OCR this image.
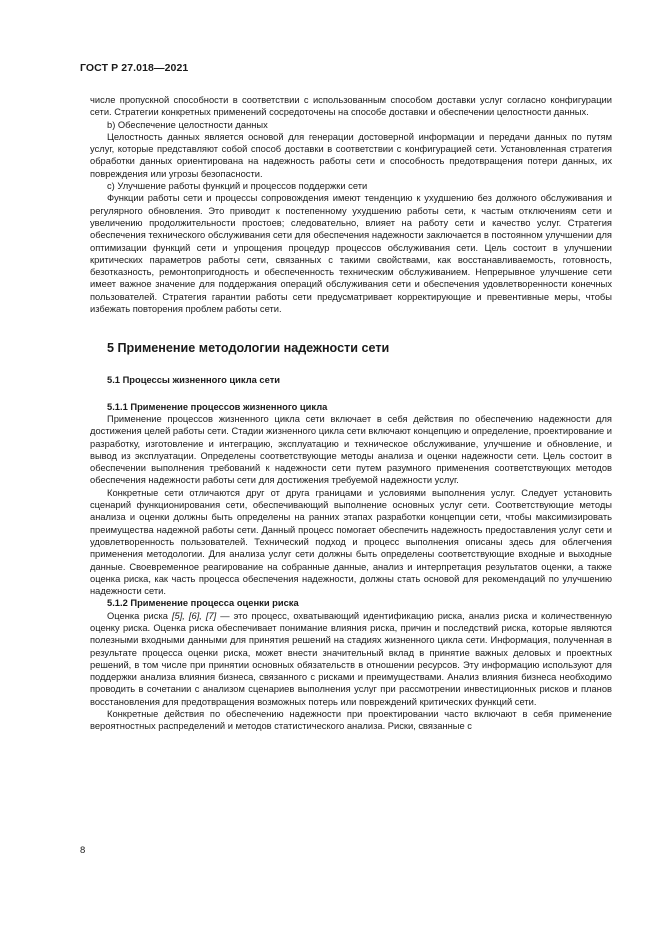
ГОСТ Р 27.018—2021

числе пропускной способности в соответствии с использованным способом доставки услуг согласно конфигурации сети. Стратегии конкретных применений сосредоточены на способе доставки и обеспечении целостности данных.

b) Обеспечение целостности данных

Целостность данных является основой для генерации достоверной информации и передачи данных по путям услуг, которые представляют собой способ доставки в соответствии с конфигурацией сети. Установленная стратегия обработки данных ориентирована на надежность работы сети и способность предотвращения потери данных, их повреждения или угрозы безопасности.

c) Улучшение работы функций и процессов поддержки сети

Функции работы сети и процессы сопровождения имеют тенденцию к ухудшению без должного обслуживания и регулярного обновления. Это приводит к постепенному ухудшению работы сети, к частым отключениям сети и увеличению продолжительности простоев; следовательно, влияет на работу сети и качество услуг. Стратегия обеспечения технического обслуживания сети для обеспечения надежности заключается в постоянном улучшении для оптимизации функций сети и упрощения процедур процессов обслуживания сети. Цель состоит в улучшении критических параметров работы сети, связанных с такими свойствами, как восстанавливаемость, готовность, безотказность, ремонтопригодность и обеспеченность техническим обслуживанием. Непрерывное улучшение сети имеет важное значение для поддержания операций обслуживания сети и обеспечения удовлетворенности конечных пользователей. Стратегия гарантии работы сети предусматривает корректирующие и превентивные меры, чтобы избежать повторения проблем работы сети.

5 Применение методологии надежности сети
5.1 Процессы жизненного цикла сети
5.1.1 Применение процессов жизненного цикла

Применение процессов жизненного цикла сети включает в себя действия по обеспечению надежности для достижения целей работы сети. Стадии жизненного цикла сети включают концепцию и определение, проектирование и разработку, изготовление и интеграцию, эксплуатацию и техническое обслуживание, улучшение и обновление, и вывод из эксплуатации. Определены соответствующие методы анализа и оценки надежности сети. Цель состоит в обеспечении выполнения требований к надежности сети путем разумного применения соответствующих методов обеспечения надежности работы сети для достижения требуемой надежности услуг.

Конкретные сети отличаются друг от друга границами и условиями выполнения услуг. Следует установить сценарий функционирования сети, обеспечивающий выполнение основных услуг сети. Соответствующие методы анализа и оценки должны быть определены на ранних этапах разработки концепции сети, чтобы максимизировать преимущества надежной работы сети. Данный процесс помогает обеспечить надежность предоставления услуг сети и удовлетворенность пользователей. Технический подход и процесс выполнения описаны здесь для облегчения применения методологии. Для анализа услуг сети должны быть определены соответствующие входные и выходные данные. Своевременное реагирование на собранные данные, анализ и интерпретация результатов оценки, а также оценка риска, как часть процесса обеспечения надежности, должны стать основой для рекомендаций по улучшению надежности сети.

5.1.2 Применение процесса оценки риска

Оценка риска [5], [6], [7] — это процесс, охватывающий идентификацию риска, анализ риска и количественную оценку риска. Оценка риска обеспечивает понимание влияния риска, причин и последствий риска, которые являются полезными входными данными для принятия решений на стадиях жизненного цикла сети. Информация, полученная в результате процесса оценки риска, может внести значительный вклад в принятие важных деловых и проектных решений, в том числе при принятии основных обязательств в отношении ресурсов. Эту информацию используют для поддержки анализа влияния бизнеса, связанного с рисками и преимуществами. Анализ влияния бизнеса необходимо проводить в сочетании с анализом сценариев выполнения услуг при рассмотрении инвестиционных рисков и планов восстановления для предотвращения возможных потерь или повреждений критических функций сети.

Конкретные действия по обеспечению надежности при проектировании часто включают в себя применение вероятностных распределений и методов статистического анализа. Риски, связанные с

8
